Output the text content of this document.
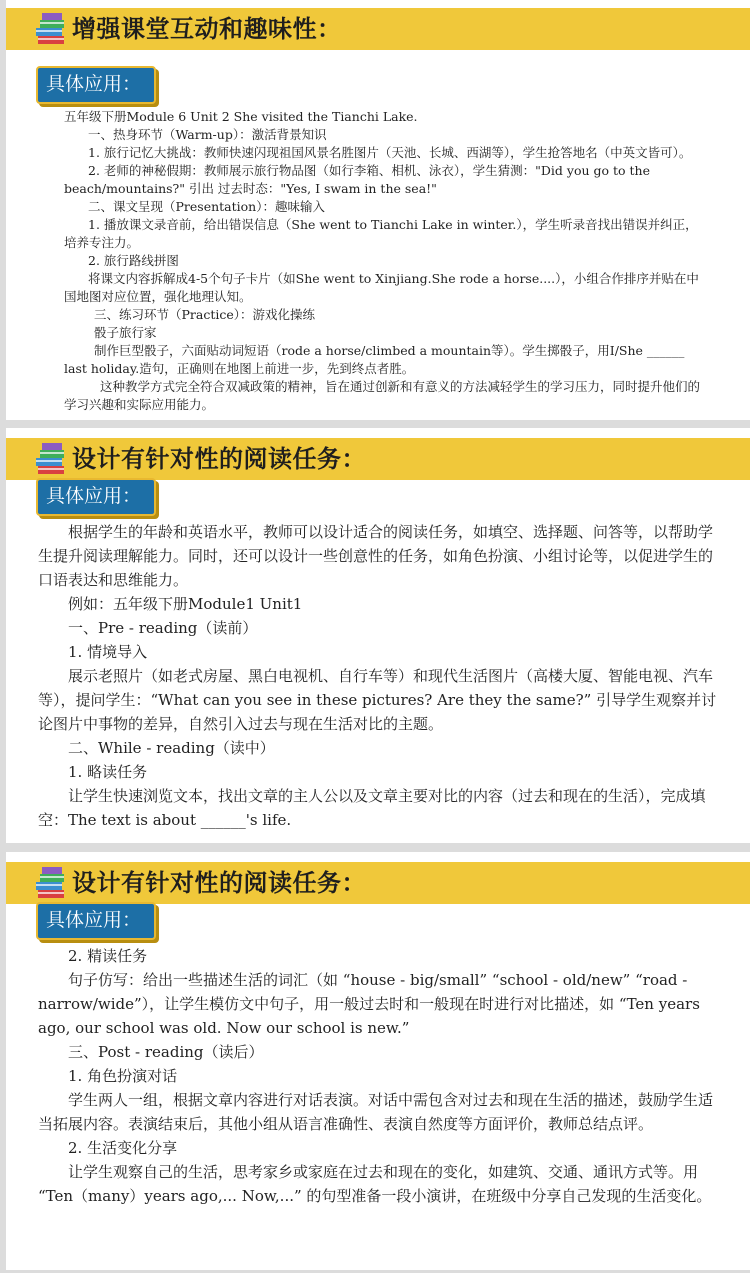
增强课堂互动和趣味性：
具体应用：

五年级下册Module 6 Unit 2 She visited the Tianchi Lake.

一、热身环节（Warm-up）：激活背景知识

1. 旅行记忆大挑战：教师快速闪现祖国风景名胜图片（天池、长城、西湖等），学生抢答地名（中英文皆可）。

2. 老师的神秘假期：教师展示旅行物品图（如行李箱、相机、泳衣），学生猜测："Did you go to the beach/mountains?" 引出 过去时态："Yes, I swam in the sea!"

二、课文呈现（Presentation）：趣味输入

1. 播放课文录音前，给出错误信息（She went to Tianchi Lake in winter.），学生听录音找出错误并纠正，培养专注力。

2. 旅行路线拼图

将课文内容拆解成4-5个句子卡片（如She went to Xinjiang.She rode a horse....），小组合作排序并贴在中国地图对应位置，强化地理认知。

三、练习环节（Practice）：游戏化操练

骰子旅行家

制作巨型骰子，六面贴动词短语（rode a horse/climbed a mountain等）。学生掷骰子，用I/She ______ last holiday.造句，正确则在地图上前进一步，先到终点者胜。

这种教学方式完全符合双减政策的精神，旨在通过创新和有意义的方法减轻学生的学习压力，同时提升他们的学习兴趣和实际应用能力。

设计有针对性的阅读任务：
具体应用：

根据学生的年龄和英语水平，教师可以设计适合的阅读任务，如填空、选择题、问答等，以帮助学生提升阅读理解能力。同时，还可以设计一些创意性的任务，如角色扮演、小组讨论等，以促进学生的口语表达和思维能力。

例如：五年级下册Module1 Unit1

一、Pre - reading（读前）

1. 情境导入

展示老照片（如老式房屋、黑白电视机、自行车等）和现代生活图片（高楼大厦、智能电视、汽车等），提问学生：“What can you see in these pictures? Are they the same?” 引导学生观察并讨论图片中事物的差异，自然引入过去与现在生活对比的主题。

二、While - reading（读中）

1. 略读任务

让学生快速浏览文本，找出文章的主人公以及文章主要对比的内容（过去和现在的生活），完成填空：The text is about ______'s life.

设计有针对性的阅读任务：
具体应用：

2. 精读任务

句子仿写：给出一些描述生活的词汇（如 “house - big/small” “school - old/new” “road - narrow/wide”），让学生模仿文中句子，用一般过去时和一般现在时进行对比描述，如 “Ten years ago, our school was old. Now our school is new.”

三、Post - reading（读后）

1. 角色扮演对话

学生两人一组，根据文章内容进行对话表演。对话中需包含对过去和现在生活的描述，鼓励学生适当拓展内容。表演结束后，其他小组从语言准确性、表演自然度等方面评价，教师总结点评。

2. 生活变化分享

让学生观察自己的生活，思考家乡或家庭在过去和现在的变化，如建筑、交通、通讯方式等。用 “Ten（many）years ago,... Now,...” 的句型准备一段小演讲，在班级中分享自己发现的生活变化。
